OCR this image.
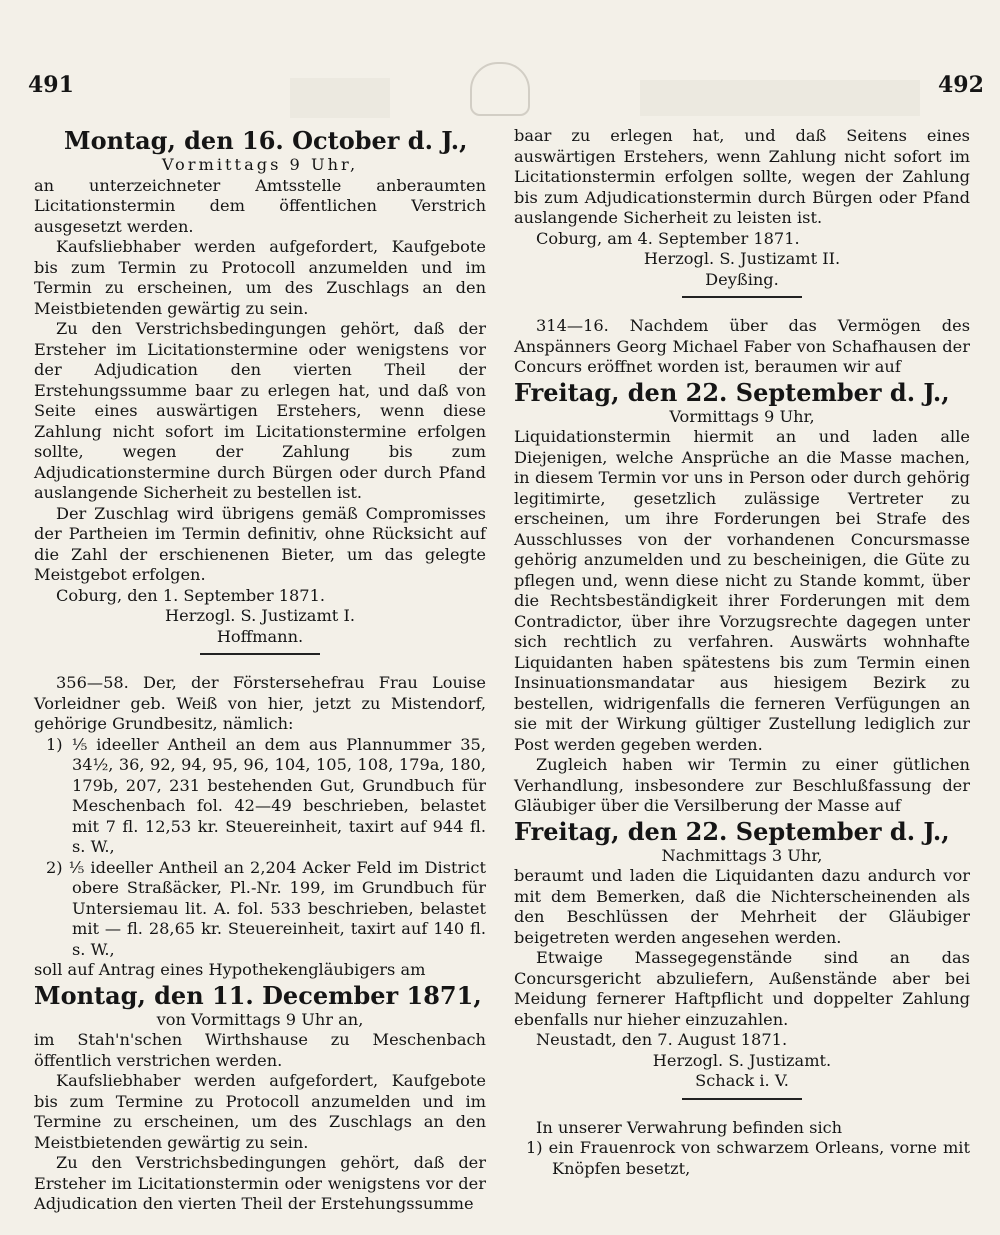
491	492

Montag, den 16. October d. J.,

Vormittags 9 Uhr,

an unterzeichneter Amtsstelle anberaumten Licitationstermin dem öffentlichen Verstrich ausgesetzt werden.

Kaufsliebhaber werden aufgefordert, Kaufgebote bis zum Termin zu Protocoll anzumelden und im Termin zu erscheinen, um des Zuschlags an den Meistbietenden gewärtig zu sein.

Zu den Verstrichsbedingungen gehört, daß der Ersteher im Licitationstermine oder wenigstens vor der Adjudication den vierten Theil der Erstehungssumme baar zu erlegen hat, und daß von Seite eines auswärtigen Erstehers, wenn diese Zahlung nicht sofort im Licitationstermine erfolgen sollte, wegen der Zahlung bis zum Adjudicationstermine durch Bürgen oder durch Pfand auslangende Sicherheit zu bestellen ist.

Der Zuschlag wird übrigens gemäß Compromisses der Partheien im Termin definitiv, ohne Rücksicht auf die Zahl der erschienenen Bieter, um das gelegte Meistgebot erfolgen.

Coburg, den 1. September 1871.

Herzogl. S. Justizamt I.

Hoffmann.

356—58. Der, der Förstersehefrau Frau Louise Vorleidner geb. Weiß von hier, jetzt zu Mistendorf, gehörige Grundbesitz, nämlich:

1) ⅕ ideeller Antheil an dem aus Plannummer 35, 34½, 36, 92, 94, 95, 96, 104, 105, 108, 179a, 180, 179b, 207, 231 bestehenden Gut, Grundbuch für Meschenbach fol. 42—49 beschrieben, belastet mit 7 fl. 12,53 kr. Steuereinheit, taxirt auf 944 fl. s. W.,

2) ⅕ ideeller Antheil an 2,204 Acker Feld im District obere Straßäcker, Pl.-Nr. 199, im Grundbuch für Untersiemau lit. A. fol. 533 beschrieben, belastet mit — fl. 28,65 kr. Steuereinheit, taxirt auf 140 fl. s. W.,

soll auf Antrag eines Hypothekengläubigers am

Montag, den 11. December 1871,

von Vormittags 9 Uhr an,

im Stah'n'schen Wirthshause zu Meschenbach öffentlich verstrichen werden.

Kaufsliebhaber werden aufgefordert, Kaufgebote bis zum Termine zu Protocoll anzumelden und im Termine zu erscheinen, um des Zuschlags an den Meistbietenden gewärtig zu sein.

Zu den Verstrichsbedingungen gehört, daß der Ersteher im Licitationstermin oder wenigstens vor der Adjudication den vierten Theil der Erstehungssumme

baar zu erlegen hat, und daß Seitens eines auswärtigen Erstehers, wenn Zahlung nicht sofort im Licitationstermin erfolgen sollte, wegen der Zahlung bis zum Adjudicationstermin durch Bürgen oder Pfand auslangende Sicherheit zu leisten ist.

Coburg, am 4. September 1871.

Herzogl. S. Justizamt II.

Deyßing.

314—16. Nachdem über das Vermögen des Anspänners Georg Michael Faber von Schafhausen der Concurs eröffnet worden ist, beraumen wir auf

Freitag, den 22. September d. J.,

Vormittags 9 Uhr,

Liquidationstermin hiermit an und laden alle Diejenigen, welche Ansprüche an die Masse machen, in diesem Termin vor uns in Person oder durch gehörig legitimirte, gesetzlich zulässige Vertreter zu erscheinen, um ihre Forderungen bei Strafe des Ausschlusses von der vorhandenen Concursmasse gehörig anzumelden und zu bescheinigen, die Güte zu pflegen und, wenn diese nicht zu Stande kommt, über die Rechtsbeständigkeit ihrer Forderungen mit dem Contradictor, über ihre Vorzugsrechte dagegen unter sich rechtlich zu verfahren. Auswärts wohnhafte Liquidanten haben spätestens bis zum Termin einen Insinuationsmandatar aus hiesigem Bezirk zu bestellen, widrigenfalls die ferneren Verfügungen an sie mit der Wirkung gültiger Zustellung lediglich zur Post werden gegeben werden.

Zugleich haben wir Termin zu einer gütlichen Verhandlung, insbesondere zur Beschlußfassung der Gläubiger über die Versilberung der Masse auf

Freitag, den 22. September d. J.,

Nachmittags 3 Uhr,

beraumt und laden die Liquidanten dazu andurch vor mit dem Bemerken, daß die Nichterscheinenden als den Beschlüssen der Mehrheit der Gläubiger beigetreten werden angesehen werden.

Etwaige Massegegenstände sind an das Concursgericht abzuliefern, Außenstände aber bei Meidung fernerer Haftpflicht und doppelter Zahlung ebenfalls nur hieher einzuzahlen.

Neustadt, den 7. August 1871.

Herzogl. S. Justizamt.

Schack i. V.

In unserer Verwahrung befinden sich

1) ein Frauenrock von schwarzem Orleans, vorne mit Knöpfen besetzt,
